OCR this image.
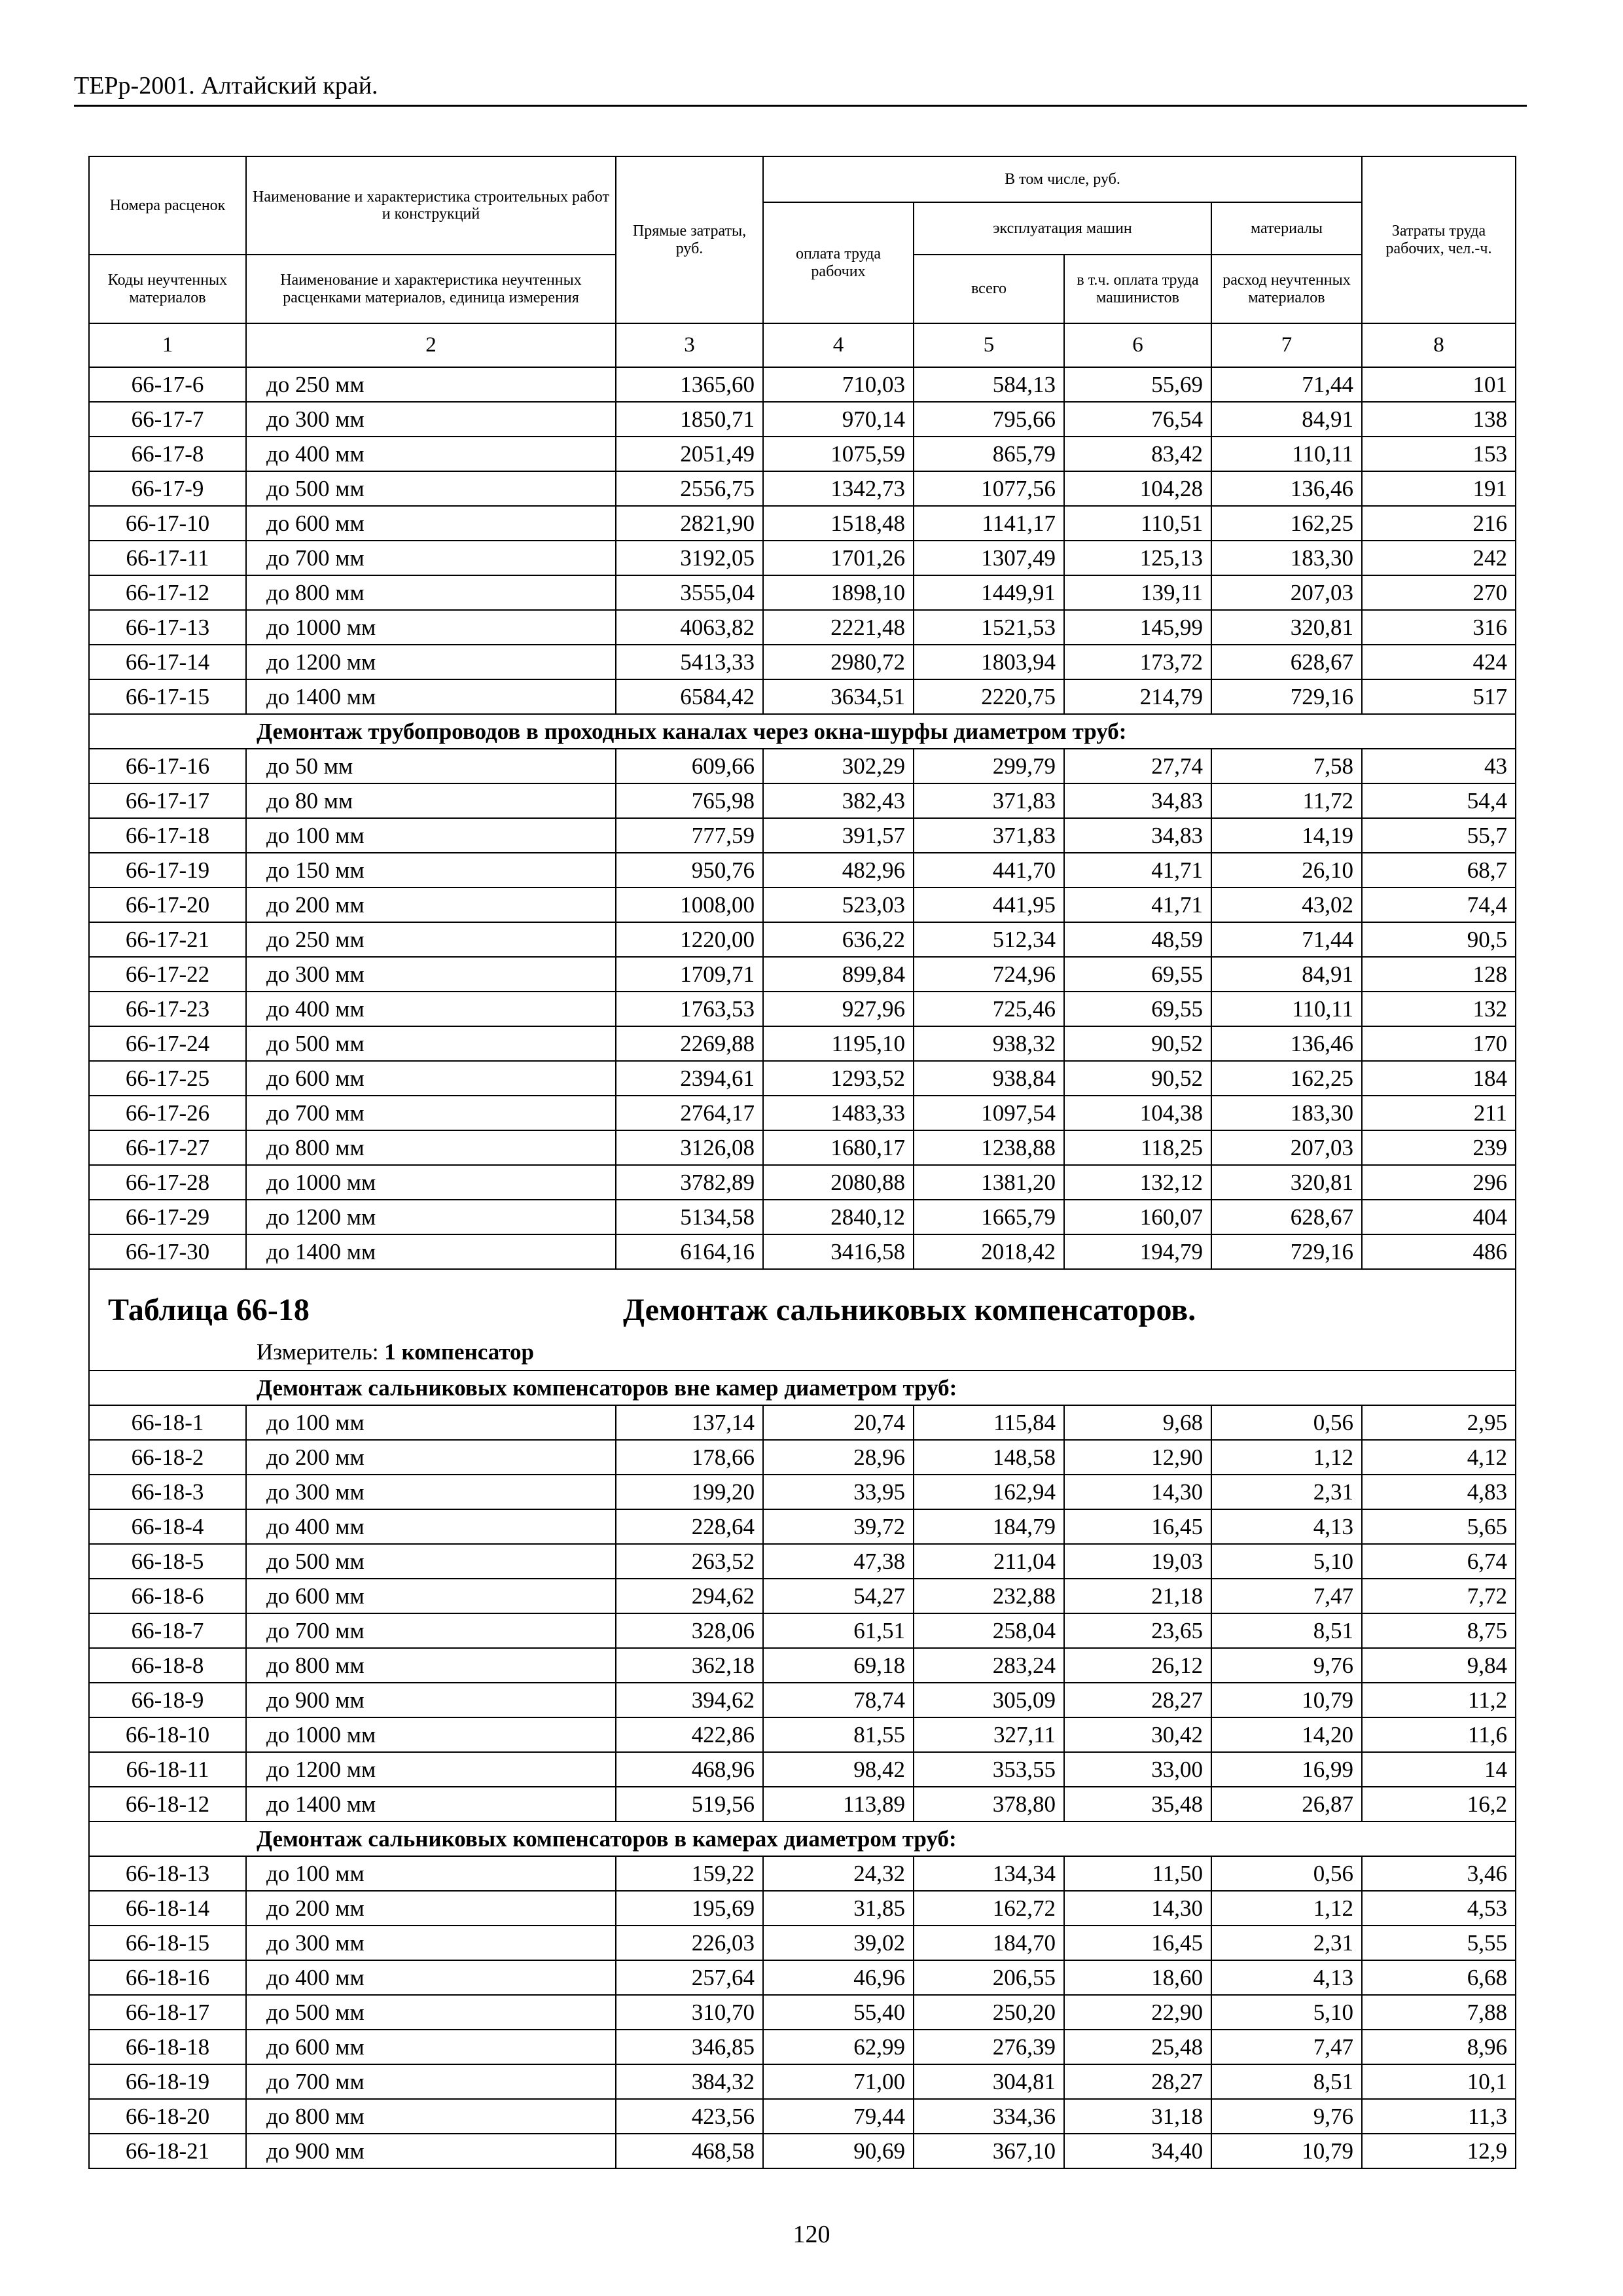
ТЕРр-2001. Алтайский край.
Номера расценок	Наименование и характеристика строительных работ и конструкций	Прямые затраты, руб.	В том числе, руб.				Затраты труда рабочих, чел.-ч.
			оплата труда рабочих	эксплуатация машин		материалы	
Коды неучтенных материалов	Наименование и характеристика неучтенных расценками материалов, единица измерения			всего	в т.ч. оплата труда машинистов	расход неучтенных материалов	
1	2	3	4	5	6	7	8
66-17-6	до 250 мм	1365,60	710,03	584,13	55,69	71,44	101
66-17-7	до 300 мм	1850,71	970,14	795,66	76,54	84,91	138
66-17-8	до 400 мм	2051,49	1075,59	865,79	83,42	110,11	153
66-17-9	до 500 мм	2556,75	1342,73	1077,56	104,28	136,46	191
66-17-10	до 600 мм	2821,90	1518,48	1141,17	110,51	162,25	216
66-17-11	до 700 мм	3192,05	1701,26	1307,49	125,13	183,30	242
66-17-12	до 800 мм	3555,04	1898,10	1449,91	139,11	207,03	270
66-17-13	до 1000 мм	4063,82	2221,48	1521,53	145,99	320,81	316
66-17-14	до 1200 мм	5413,33	2980,72	1803,94	173,72	628,67	424
66-17-15	до 1400 мм	6584,42	3634,51	2220,75	214,79	729,16	517
Демонтаж трубопроводов в проходных каналах через окна-шурфы диаметром труб:							
66-17-16	до 50 мм	609,66	302,29	299,79	27,74	7,58	43
66-17-17	до 80 мм	765,98	382,43	371,83	34,83	11,72	54,4
66-17-18	до 100 мм	777,59	391,57	371,83	34,83	14,19	55,7
66-17-19	до 150 мм	950,76	482,96	441,70	41,71	26,10	68,7
66-17-20	до 200 мм	1008,00	523,03	441,95	41,71	43,02	74,4
66-17-21	до 250 мм	1220,00	636,22	512,34	48,59	71,44	90,5
66-17-22	до 300 мм	1709,71	899,84	724,96	69,55	84,91	128
66-17-23	до 400 мм	1763,53	927,96	725,46	69,55	110,11	132
66-17-24	до 500 мм	2269,88	1195,10	938,32	90,52	136,46	170
66-17-25	до 600 мм	2394,61	1293,52	938,84	90,52	162,25	184
66-17-26	до 700 мм	2764,17	1483,33	1097,54	104,38	183,30	211
66-17-27	до 800 мм	3126,08	1680,17	1238,88	118,25	207,03	239
66-17-28	до 1000 мм	3782,89	2080,88	1381,20	132,12	320,81	296
66-17-29	до 1200 мм	5134,58	2840,12	1665,79	160,07	628,67	404
66-17-30	до 1400 мм	6164,16	3416,58	2018,42	194,79	729,16	486

Таблица 66-18 Демонтаж сальниковых компенсаторов.
Измеритель: 1 компенсатор							

Демонтаж сальниковых компенсаторов вне камер диаметром труб:							
66-18-1	до 100 мм	137,14	20,74	115,84	9,68	0,56	2,95
66-18-2	до 200 мм	178,66	28,96	148,58	12,90	1,12	4,12
66-18-3	до 300 мм	199,20	33,95	162,94	14,30	2,31	4,83
66-18-4	до 400 мм	228,64	39,72	184,79	16,45	4,13	5,65
66-18-5	до 500 мм	263,52	47,38	211,04	19,03	5,10	6,74
66-18-6	до 600 мм	294,62	54,27	232,88	21,18	7,47	7,72
66-18-7	до 700 мм	328,06	61,51	258,04	23,65	8,51	8,75
66-18-8	до 800 мм	362,18	69,18	283,24	26,12	9,76	9,84
66-18-9	до 900 мм	394,62	78,74	305,09	28,27	10,79	11,2
66-18-10	до 1000 мм	422,86	81,55	327,11	30,42	14,20	11,6
66-18-11	до 1200 мм	468,96	98,42	353,55	33,00	16,99	14
66-18-12	до 1400 мм	519,56	113,89	378,80	35,48	26,87	16,2
Демонтаж сальниковых компенсаторов в камерах диаметром труб:							
66-18-13	до 100 мм	159,22	24,32	134,34	11,50	0,56	3,46
66-18-14	до 200 мм	195,69	31,85	162,72	14,30	1,12	4,53
66-18-15	до 300 мм	226,03	39,02	184,70	16,45	2,31	5,55
66-18-16	до 400 мм	257,64	46,96	206,55	18,60	4,13	6,68
66-18-17	до 500 мм	310,70	55,40	250,20	22,90	5,10	7,88
66-18-18	до 600 мм	346,85	62,99	276,39	25,48	7,47	8,96
66-18-19	до 700 мм	384,32	71,00	304,81	28,27	8,51	10,1
66-18-20	до 800 мм	423,56	79,44	334,36	31,18	9,76	11,3
66-18-21	до 900 мм	468,58	90,69	367,10	34,40	10,79	12,9
120
